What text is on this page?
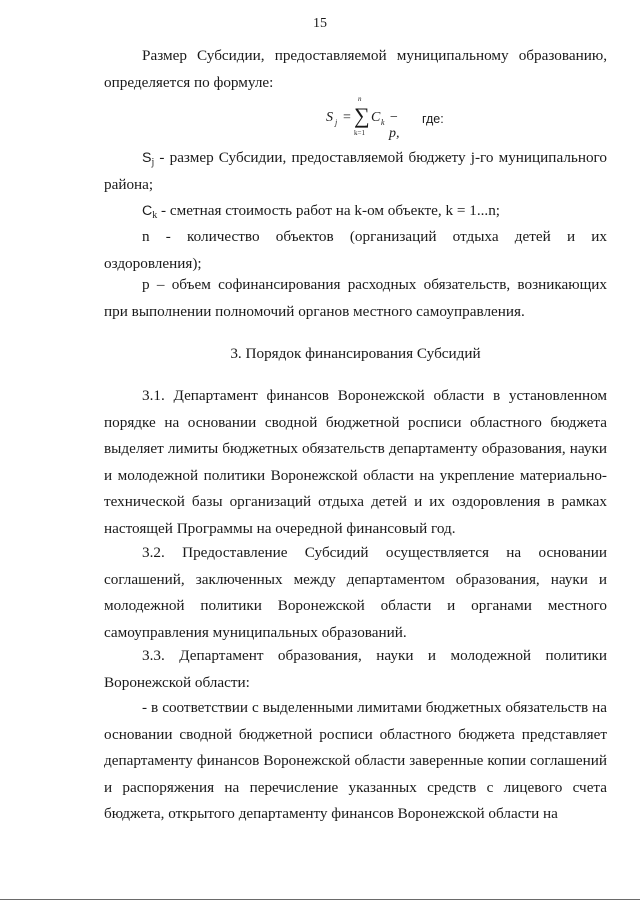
15

Размер Субсидии, предоставляемой муниципальному образованию, определяется по формуле:

S j =
n
∑
k=1
C k − p,
где:

$S_j$ - размер Субсидии, предоставляемой бюджету j-го муниципального района;

$C_k$ - сметная стоимость работ на k-ом объекте, k = 1...n;

n - количество объектов (организаций отдыха детей и их оздоровления);

p – объем софинансирования расходных обязательств, возникающих при выполнении полномочий органов местного самоуправления.

3. Порядок финансирования Субсидий

3.1. Департамент финансов Воронежской области в установленном порядке на основании сводной бюджетной росписи областного бюджета выделяет лимиты бюджетных обязательств департаменту образования, науки и молодежной политики Воронежской области на укрепление материально-технической базы организаций отдыха детей и их оздоровления в рамках настоящей Программы на очередной финансовый год.

3.2. Предоставление Субсидий осуществляется на основании соглашений, заключенных между департаментом образования, науки и молодежной политики Воронежской области и органами местного самоуправления муниципальных образований.

3.3. Департамент образования, науки и молодежной политики Воронежской области:

- в соответствии с выделенными лимитами бюджетных обязательств на основании сводной бюджетной росписи областного бюджета представляет департаменту финансов Воронежской области заверенные копии соглашений и распоряжения на перечисление указанных средств с лицевого счета бюджета, открытого департаменту финансов Воронежской области на
